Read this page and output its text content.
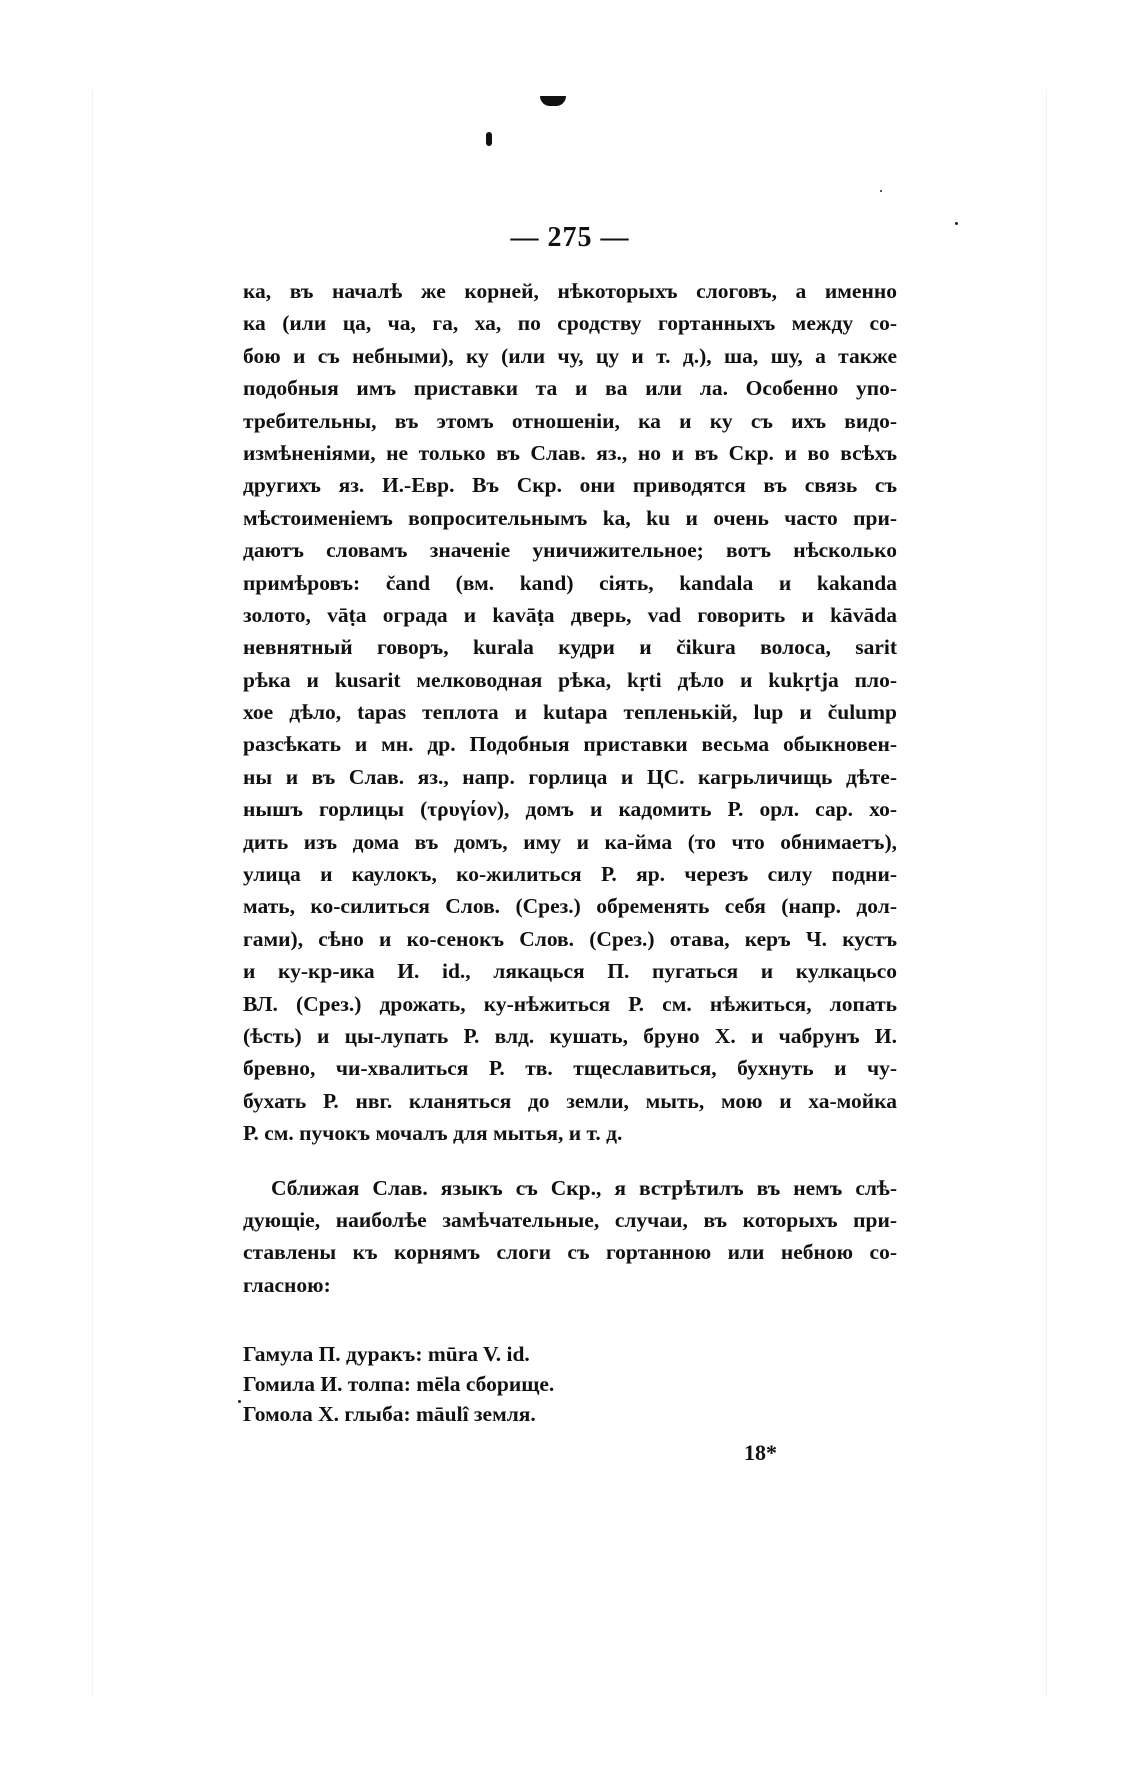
— 275 —
ка, въ началѣ же корней, нѣкоторыхъ слоговъ, а именно
ка (или ца, ча, га, ха, по сродству гортанныхъ между со-
бою и съ небными), ку (или чу, цу и т. д.), ша, шу, а также
подобныя имъ приставки та и ва или ла. Особенно упо-
требительны, въ этомъ отношеніи, ка и ку съ ихъ видо-
измѣненіями, не только въ Слав. яз., но и въ Скр. и во всѣхъ
другихъ яз. И.-Евр. Въ Скр. они приводятся въ связь съ
мѣстоименіемъ вопросительнымъ ka, ku и очень часто при-
даютъ словамъ значеніе уничижительное; вотъ нѣсколько
примѣровъ: čand (вм. kand) сіять, kandala и kakanda
золото, vāṭa ограда и kavāṭa дверь, vad говорить и kāvāda
невнятный говоръ, kurala кудри и čikura волоса, sarit
рѣка и kusarit мелководная рѣка, kṛti дѣло и kukṛtja пло-
хое дѣло, tapas теплота и kutapa тепленькій, lup и čulump
разсѣкать и мн. др. Подобныя приставки весьма обыкновен-
ны и въ Слав. яз., напр. горлица и ЦС. кагрьличищь дѣте-
нышъ горлицы (τρυγίον), домъ и кадомить Р. орл. сар. хо-
дить изъ дома въ домъ, иму и ка-йма (то что обнимаетъ),
улица и каулокъ, ко-жилиться Р. яр. черезъ силу подни-
мать, ко-силиться Слов. (Срез.) обременять себя (напр. дол-
гами), сѣно и ко-сенокъ Слов. (Срез.) отава, керъ Ч. кустъ
и ку-кр-ика И. id., лякацься П. пугаться и кулкацьсо
ВЛ. (Срез.) дрожать, ку-нѣжиться Р. см. нѣжиться, лопать
(ѣсть) и цы-лупать Р. влд. кушать, бруно Х. и чабрунъ И.
бревно, чи-хвалиться Р. тв. тщеславиться, бухнуть и чу-
бухать Р. нвг. кланяться до земли, мыть, мою и ха-мойка
Р. см. пучокъ мочалъ для мытья, и т. д.
Сближая Слав. языкъ съ Скр., я встрѣтилъ въ немъ слѣ-
дующіе, наиболѣе замѣчательные, случаи, въ которыхъ при-
ставлены къ корнямъ слоги съ гортанною или небною со-
гласною:
Гамула П. дуракъ: mūra V. id.
Гомила И. толпа: mēla сборище.
Гомола Х. глыба: māulî земля.
18*
